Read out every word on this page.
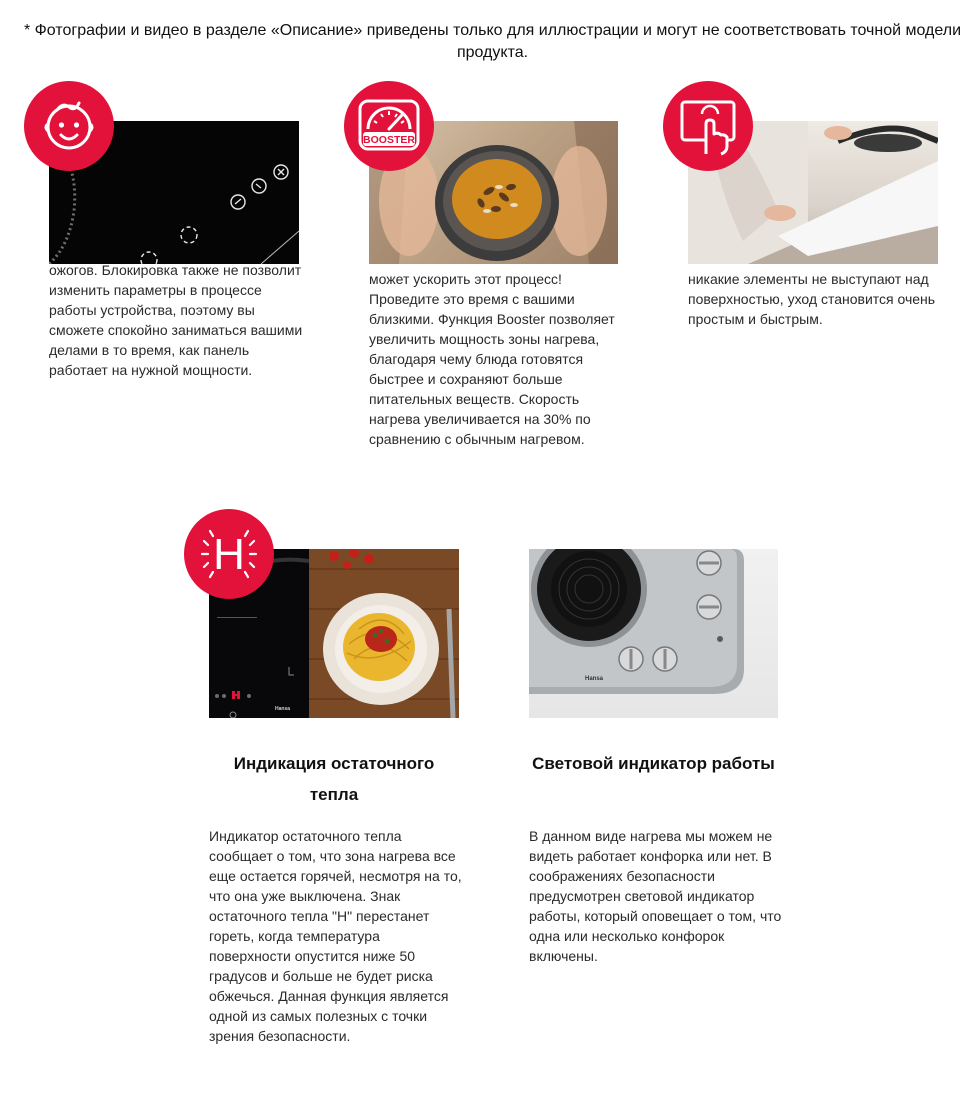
* Фотографии и видео в разделе «Описание» приведены только для иллюстрации и могут не соответствовать точной модели продукта.

ожогов. Блокировка также не позволит изменить параметры в процессе работы устройства, поэтому вы сможете спокойно заниматься вашими делами в то время, как панель работает на нужной мощности.

BOOSTER

может ускорить этот процесс! Проведите это время с вашими близкими. Функция Booster позволяет увеличить мощность зоны нагрева, благодаря чему блюда готовятся быстрее и сохраняют больше питательных веществ. Скорость нагрева увеличивается на 30% по сравнению с обычным нагревом.

никакие элементы не выступают над поверхностью, уход становится очень простым и быстрым.

H
Hansa
Индикация остаточного тепла

Индикатор остаточного тепла сообщает о том, что зона нагрева все еще остается горячей, несмотря на то, что она уже выключена. Знак остаточного тепла "H" перестанет гореть, когда температура поверхности опустится ниже 50 градусов и больше не будет риска обжечься. Данная функция является одной из самых полезных с точки зрения безопасности.

Hansa
Световой индикатор работы

В данном виде нагрева мы можем не видеть работает конфорка или нет. В соображениях безопасности предусмотрен световой индикатор работы, который оповещает о том, что одна или несколько конфорок включены.
